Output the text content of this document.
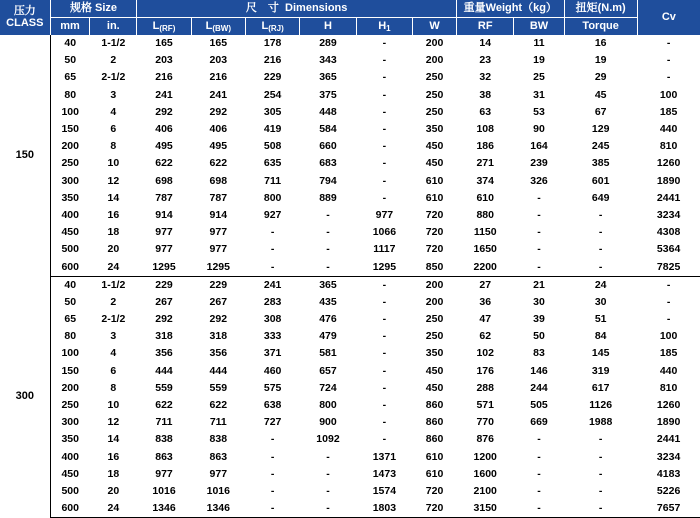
压力
CLASS	规格 Size		尺　寸 Dimensions						重量Weight（kg）		扭矩(N.m)	Cv
	mm	in.	L(RF)	L(BW)	L(RJ)	H	H1	W	RF	BW	Torque	
150	40	1-1/2	165	165	178	289	-	200	14	11	16	-
	50	2	203	203	216	343	-	200	23	19	19	-
	65	2-1/2	216	216	229	365	-	250	32	25	29	-
	80	3	241	241	254	375	-	250	38	31	45	100
	100	4	292	292	305	448	-	250	63	53	67	185
	150	6	406	406	419	584	-	350	108	90	129	440
	200	8	495	495	508	660	-	450	186	164	245	810
	250	10	622	622	635	683	-	450	271	239	385	1260
	300	12	698	698	711	794	-	610	374	326	601	1890
	350	14	787	787	800	889	-	610	610	-	649	2441
	400	16	914	914	927	-	977	720	880	-	-	3234
	450	18	977	977	-	-	1066	720	1150	-	-	4308
	500	20	977	977	-	-	1117	720	1650	-	-	5364
	600	24	1295	1295	-	-	1295	850	2200	-	-	7825
300	40	1-1/2	229	229	241	365	-	200	27	21	24	-
	50	2	267	267	283	435	-	200	36	30	30	-
	65	2-1/2	292	292	308	476	-	250	47	39	51	-
	80	3	318	318	333	479	-	250	62	50	84	100
	100	4	356	356	371	581	-	350	102	83	145	185
	150	6	444	444	460	657	-	450	176	146	319	440
	200	8	559	559	575	724	-	450	288	244	617	810
	250	10	622	622	638	800	-	860	571	505	1126	1260
	300	12	711	711	727	900	-	860	770	669	1988	1890
	350	14	838	838	-	1092	-	860	876	-	-	2441
	400	16	863	863	-	-	1371	610	1200	-	-	3234
	450	18	977	977	-	-	1473	610	1600	-	-	4183
	500	20	1016	1016	-	-	1574	720	2100	-	-	5226
	600	24	1346	1346	-	-	1803	720	3150	-	-	7657
